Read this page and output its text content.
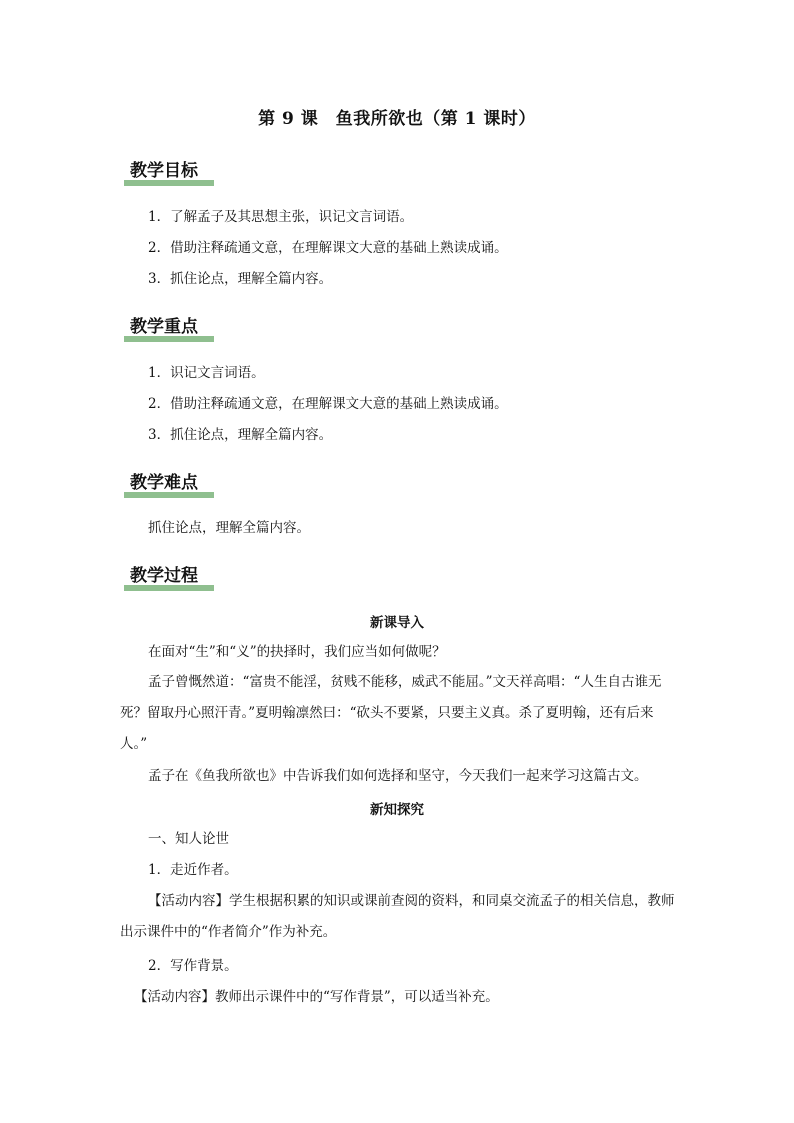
第 9 课　鱼我所欲也（第 1 课时）
教学目标
1．了解孟子及其思想主张，识记文言词语。
2．借助注释疏通文意，在理解课文大意的基础上熟读成诵。
3．抓住论点，理解全篇内容。
教学重点
1．识记文言词语。
2．借助注释疏通文意，在理解课文大意的基础上熟读成诵。
3．抓住论点，理解全篇内容。
教学难点
抓住论点，理解全篇内容。
教学过程
新课导入
在面对“生”和“义”的抉择时，我们应当如何做呢？
孟子曾慨然道：“富贵不能淫，贫贱不能移，威武不能屈。”文天祥高唱：“人生自古谁无死？留取丹心照汗青。”夏明翰凛然曰：“砍头不要紧，只要主义真。杀了夏明翰，还有后来人。”
孟子在《鱼我所欲也》中告诉我们如何选择和坚守，今天我们一起来学习这篇古文。
新知探究
一、知人论世
1．走近作者。
【活动内容】学生根据积累的知识或课前查阅的资料，和同桌交流孟子的相关信息，教师出示课件中的“作者简介”作为补充。
2．写作背景。
【活动内容】教师出示课件中的“写作背景”，可以适当补充。
